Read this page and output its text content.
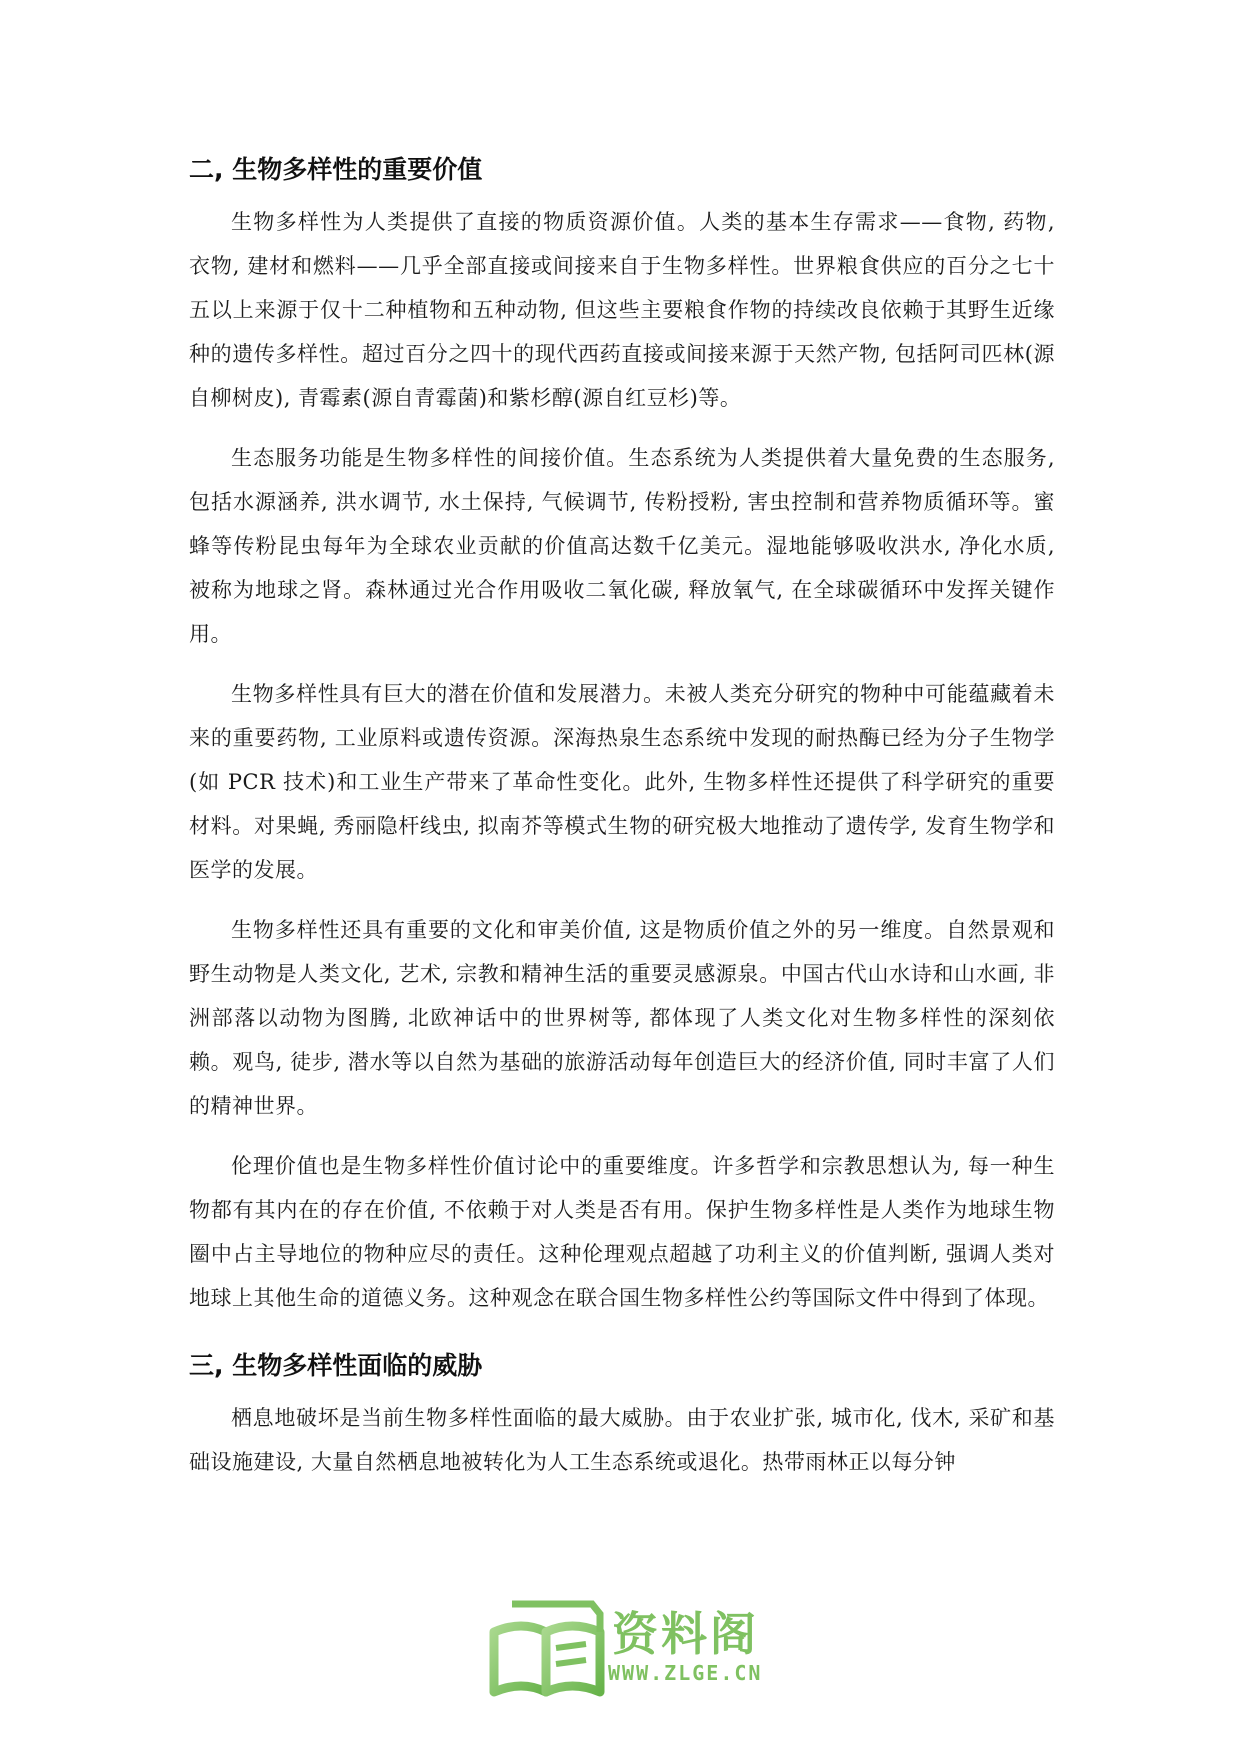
二, 生物多样性的重要价值

生物多样性为人类提供了直接的物质资源价值。人类的基本生存需求——食物, 药物, 衣物, 建材和燃料——几乎全部直接或间接来自于生物多样性。世界粮食供应的百分之七十五以上来源于仅十二种植物和五种动物, 但这些主要粮食作物的持续改良依赖于其野生近缘种的遗传多样性。超过百分之四十的现代西药直接或间接来源于天然产物, 包括阿司匹林(源自柳树皮), 青霉素(源自青霉菌)和紫杉醇(源自红豆杉)等。

生态服务功能是生物多样性的间接价值。生态系统为人类提供着大量免费的生态服务, 包括水源涵养, 洪水调节, 水土保持, 气候调节, 传粉授粉, 害虫控制和营养物质循环等。蜜蜂等传粉昆虫每年为全球农业贡献的价值高达数千亿美元。湿地能够吸收洪水, 净化水质, 被称为地球之肾。森林通过光合作用吸收二氧化碳, 释放氧气, 在全球碳循环中发挥关键作用。

生物多样性具有巨大的潜在价值和发展潜力。未被人类充分研究的物种中可能蕴藏着未来的重要药物, 工业原料或遗传资源。深海热泉生态系统中发现的耐热酶已经为分子生物学(如 PCR 技术)和工业生产带来了革命性变化。此外, 生物多样性还提供了科学研究的重要材料。对果蝇, 秀丽隐杆线虫, 拟南芥等模式生物的研究极大地推动了遗传学, 发育生物学和医学的发展。

生物多样性还具有重要的文化和审美价值, 这是物质价值之外的另一维度。自然景观和野生动物是人类文化, 艺术, 宗教和精神生活的重要灵感源泉。中国古代山水诗和山水画, 非洲部落以动物为图腾, 北欧神话中的世界树等, 都体现了人类文化对生物多样性的深刻依赖。观鸟, 徒步, 潜水等以自然为基础的旅游活动每年创造巨大的经济价值, 同时丰富了人们的精神世界。

伦理价值也是生物多样性价值讨论中的重要维度。许多哲学和宗教思想认为, 每一种生物都有其内在的存在价值, 不依赖于对人类是否有用。保护生物多样性是人类作为地球生物圈中占主导地位的物种应尽的责任。这种伦理观点超越了功利主义的价值判断, 强调人类对地球上其他生命的道德义务。这种观念在联合国生物多样性公约等国际文件中得到了体现。

三, 生物多样性面临的威胁

栖息地破坏是当前生物多样性面临的最大威胁。由于农业扩张, 城市化, 伐木, 采矿和基础设施建设, 大量自然栖息地被转化为人工生态系统或退化。热带雨林正以每分钟

资料阁
WWW.ZLGE.CN
